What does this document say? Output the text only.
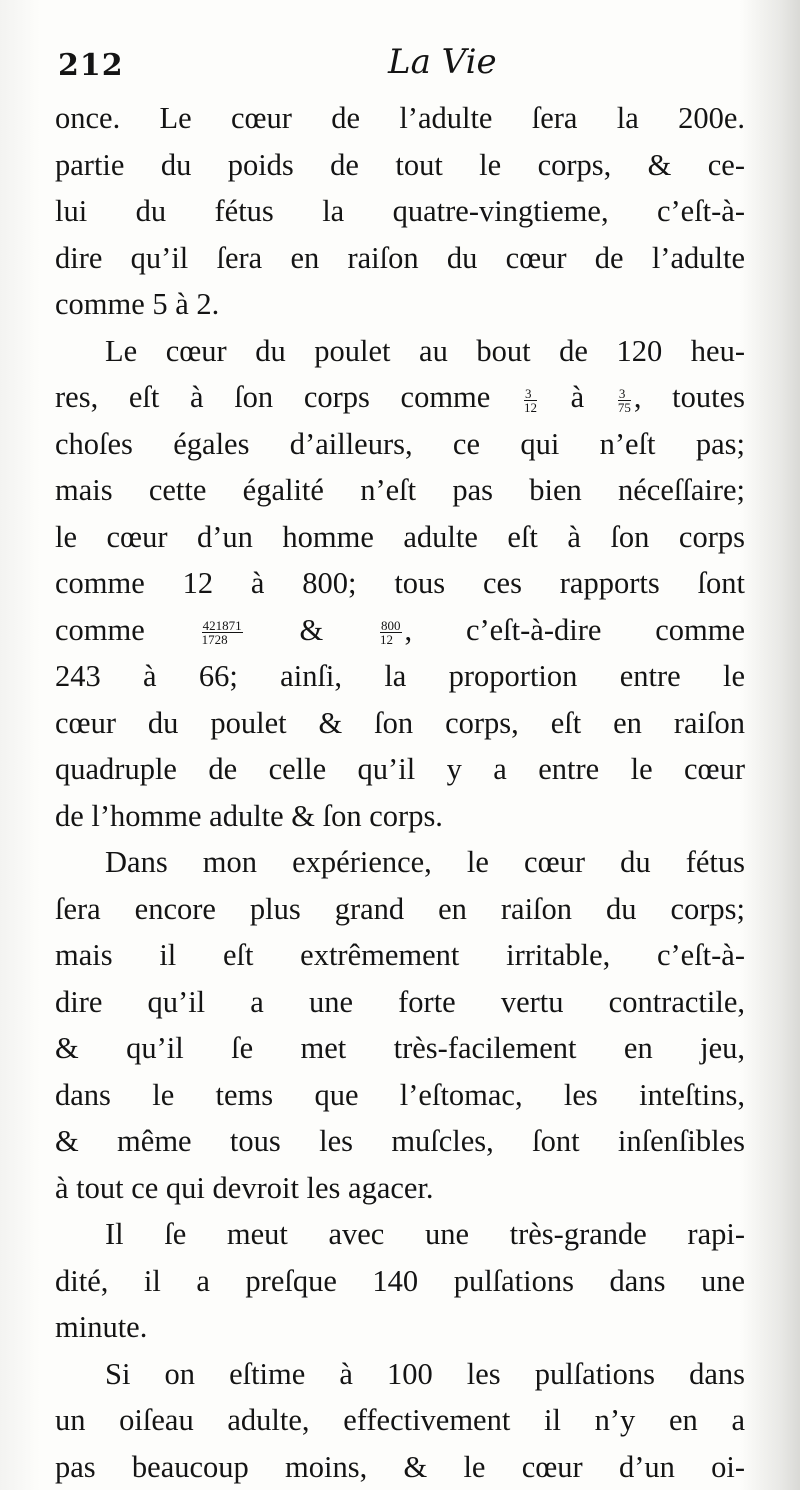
212	La Vie
once. Le cœur de l’adulte ſera la 200e.
partie du poids de tout le corps, & ce-
lui du fétus la quatre-vingtieme, c’eſt-à-
dire qu’il ſera en raiſon du cœur de l’adulte
comme 5 à 2.
Le cœur du poulet au bout de 120 heu-
res, eſt à ſon corps comme	$\frac{3}{12}$ à	$\frac{3}{75}$ , toutes
choſes égales d’ailleurs, ce qui n’eſt pas;
mais cette égalité n’eſt pas bien néceſſaire;
le cœur d’un homme adulte eſt à ſon corps
comme 12 à 800; tous ces rapports ſont
comme	$\frac{421871}{1728}$ &	$\frac{800}{12}$ , c’eſt-à-dire comme
243 à 66; ainſi, la proportion entre le
cœur du poulet & ſon corps, eſt en raiſon
quadruple de celle qu’il y a entre le cœur
de l’homme adulte & ſon corps.
Dans mon expérience, le cœur du fétus
ſera encore plus grand en raiſon du corps;
mais il eſt extrêmement irritable, c’eſt-à-
dire qu’il a une forte vertu contractile,
& qu’il ſe met très-facilement en jeu,
dans le tems que l’eſtomac, les inteſtins,
& même tous les muſcles, ſont inſenſibles
à tout ce qui devroit les agacer.
Il ſe meut avec une très-grande rapi-
dité, il a preſque 140 pulſations dans une
minute.
Si on eſtime à 100 les pulſations dans
un oiſeau adulte, effectivement il n’y en a
pas beaucoup moins, & le cœur d’un oi-
